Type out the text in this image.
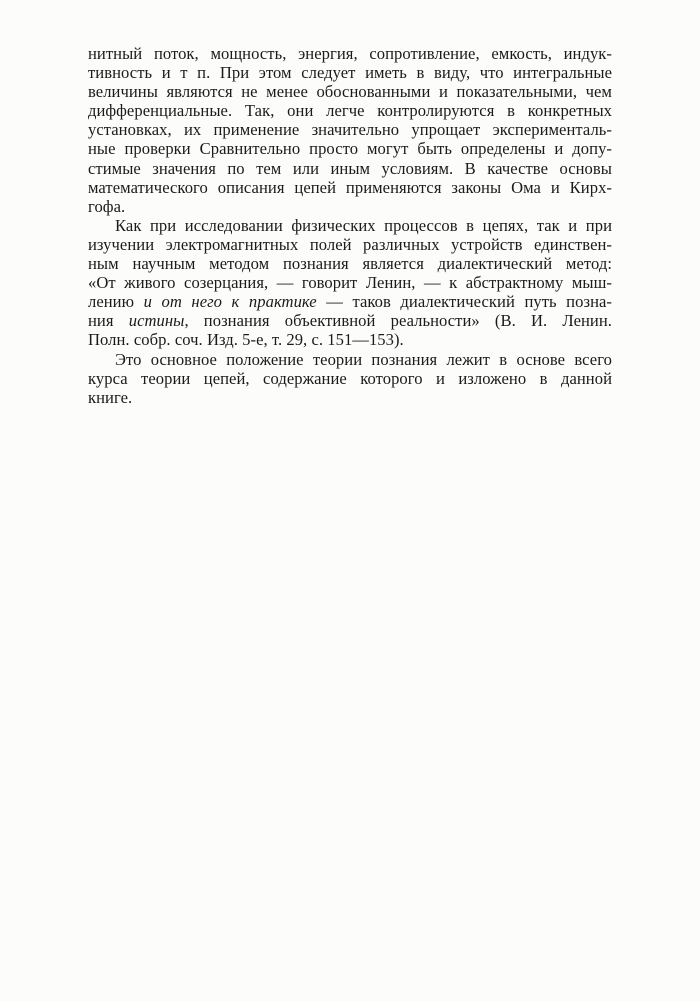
нитный поток, мощность, энергия, сопротивление, емкость, индук-
тивность и т п. При этом следует иметь в виду, что интегральные
величины являются не менее обоснованными и показательными, чем
дифференциальные. Так, они легче контролируются в конкретных
установках, их применение значительно упрощает эксперименталь-
ные проверки Сравнительно просто могут быть определены и допу-
стимые значения по тем или иным условиям. В качестве основы
математического описания цепей применяются законы Ома и Кирх-
гофа.

Как при исследовании физических процессов в цепях, так и при
изучении электромагнитных полей различных устройств единствен-
ным научным методом познания является диалектический метод:
«От живого созерцания, — говорит Ленин, — к абстрактному мыш-
лению и от него к практике — таков диалектический путь позна-
ния истины, познания объективной реальности» (В. И. Ленин.
Полн. собр. соч. Изд. 5-е, т. 29, с. 151—153).

Это основное положение теории познания лежит в основе всего
курса теории цепей, содержание которого и изложено в данной
книге.
